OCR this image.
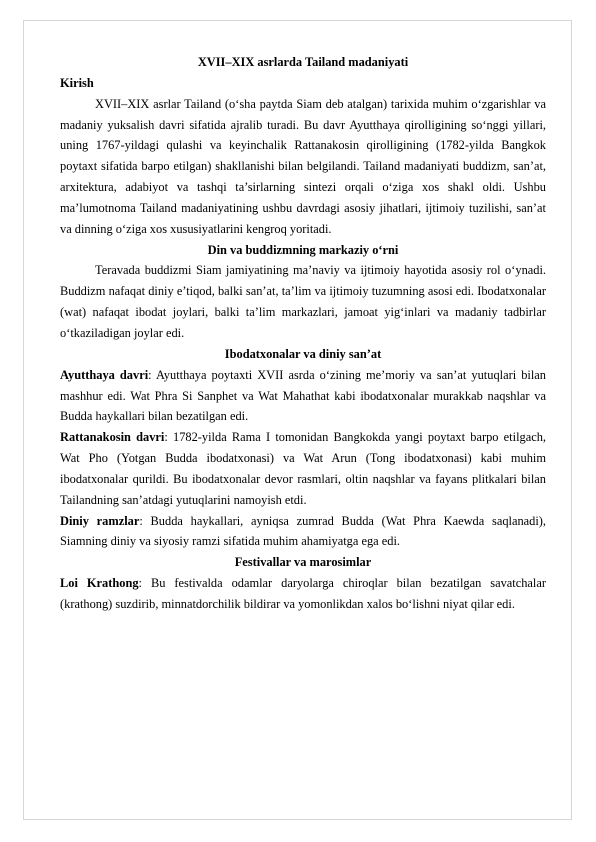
XVII–XIX asrlarda Tailand madaniyati
Kirish

XVII–XIX asrlar Tailand (o‘sha paytda Siam deb atalgan) tarixida muhim o‘zgarishlar va madaniy yuksalish davri sifatida ajralib turadi. Bu davr Ayutthaya qirolligining so‘nggi yillari, uning 1767-yildagi qulashi va keyinchalik Rattanakosin qirolligining (1782-yilda Bangkok poytaxt sifatida barpo etilgan) shakllanishi bilan belgilandi. Tailand madaniyati buddizm, san’at, arxitektura, adabiyot va tashqi ta’sirlarning sintezi orqali o‘ziga xos shakl oldi. Ushbu ma’lumotnoma Tailand madaniyatining ushbu davrdagi asosiy jihatlari, ijtimoiy tuzilishi, san’at va dinning o‘ziga xos xususiyatlarini kengroq yoritadi.

Din va buddizmning markaziy o‘rni

Teravada buddizmi Siam jamiyatining ma’naviy va ijtimoiy hayotida asosiy rol o‘ynadi. Buddizm nafaqat diniy e’tiqod, balki san’at, ta’lim va ijtimoiy tuzumning asosi edi. Ibodatxonalar (wat) nafaqat ibodat joylari, balki ta’lim markazlari, jamoat yig‘inlari va madaniy tadbirlar o‘tkaziladigan joylar edi.

Ibodatxonalar va diniy san’at

Ayutthaya davri: Ayutthaya poytaxti XVII asrda o‘zining me’moriy va san’at yutuqlari bilan mashhur edi. Wat Phra Si Sanphet va Wat Mahathat kabi ibodatxonalar murakkab naqshlar va Budda haykallari bilan bezatilgan edi.

Rattanakosin davri: 1782-yilda Rama I tomonidan Bangkokda yangi poytaxt barpo etilgach, Wat Pho (Yotgan Budda ibodatxonasi) va Wat Arun (Tong ibodatxonasi) kabi muhim ibodatxonalar qurildi. Bu ibodatxonalar devor rasmlari, oltin naqshlar va fayans plitkalari bilan Tailandning san’atdagi yutuqlarini namoyish etdi.

Diniy ramzlar: Budda haykallari, ayniqsa zumrad Budda (Wat Phra Kaewda saqlanadi), Siamning diniy va siyosiy ramzi sifatida muhim ahamiyatga ega edi.

Festivallar va marosimlar

Loi Krathong: Bu festivalda odamlar daryolarga chiroqlar bilan bezatilgan savatchalar (krathong) suzdirib, minnatdorchilik bildirar va yomonlikdan xalos bo‘lishni niyat qilar edi.
